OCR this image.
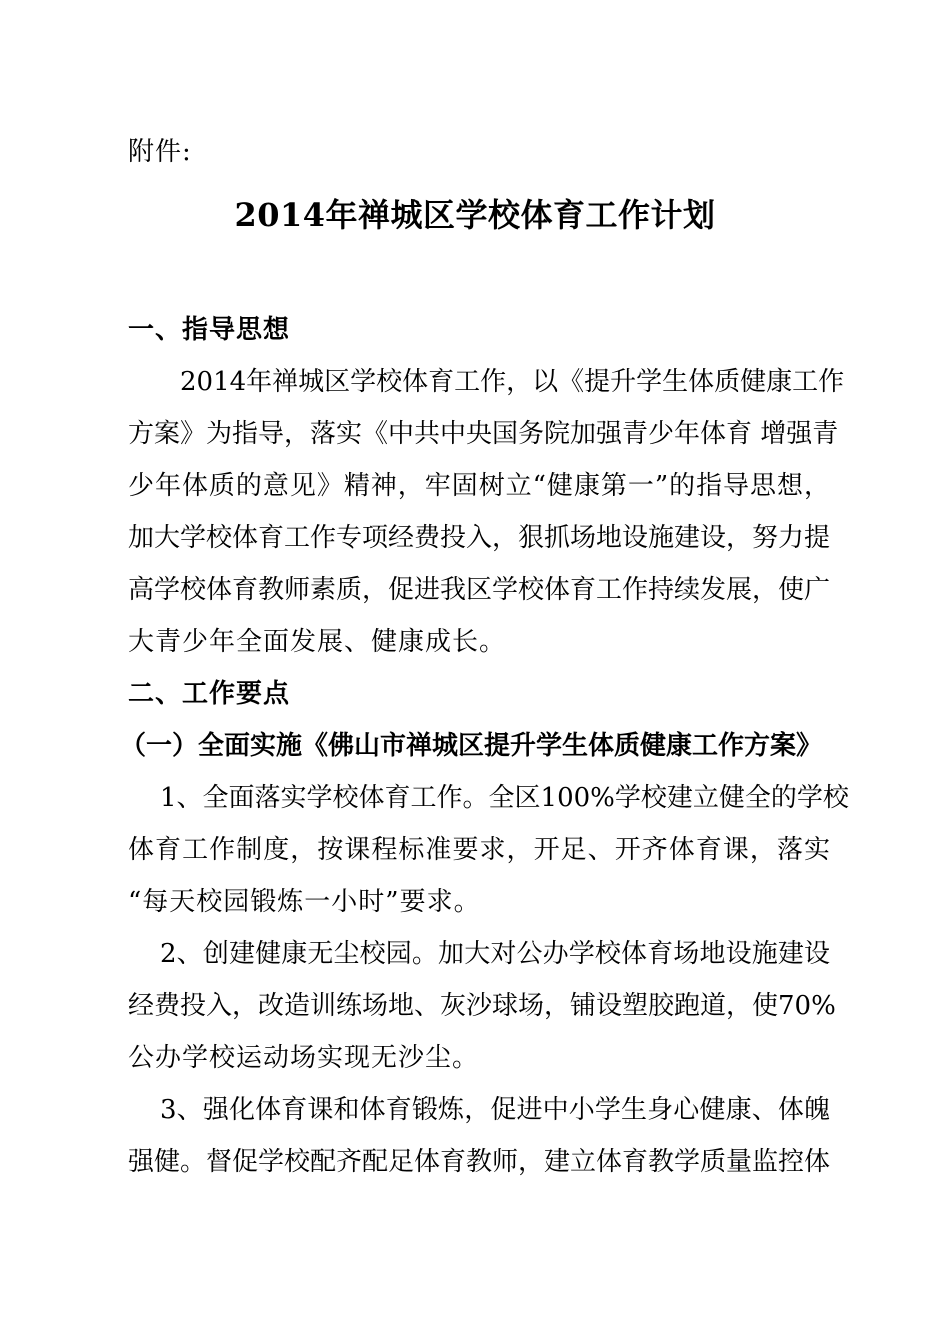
附件:
2014年禅城区学校体育工作计划
一、指导思想
2014年禅城区学校体育工作，以《提升学生体质健康工作
方案》为指导，落实《中共中央国务院加强青少年体育 增强青
少年体质的意见》精神，牢固树立“健康第一”的指导思想，
加大学校体育工作专项经费投入，狠抓场地设施建设，努力提
高学校体育教师素质，促进我区学校体育工作持续发展，使广
大青少年全面发展、健康成长。
二、工作要点
（一）全面实施《佛山市禅城区提升学生体质健康工作方案》
1、全面落实学校体育工作。全区100%学校建立健全的学校
体育工作制度，按课程标准要求，开足、开齐体育课，落实
“每天校园锻炼一小时”要求。
2、创建健康无尘校园。加大对公办学校体育场地设施建设
经费投入，改造训练场地、灰沙球场，铺设塑胶跑道，使70%
公办学校运动场实现无沙尘。
3、强化体育课和体育锻炼，促进中小学生身心健康、体魄
强健。督促学校配齐配足体育教师，建立体育教学质量监控体
